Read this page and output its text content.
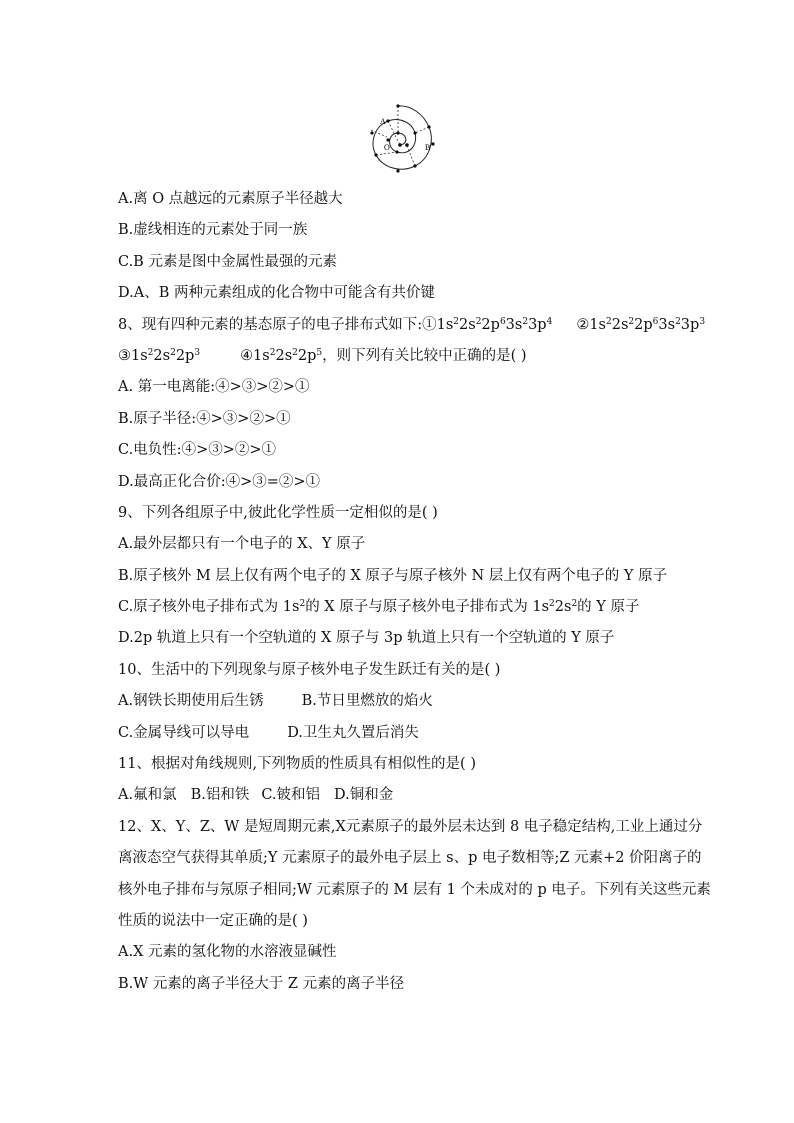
A
O	B
A.离 O 点越远的元素原子半径越大
B.虚线相连的元素处于同一族
C.B 元素是图中金属性最强的元素
D.A、B 两种元素组成的化合物中可能含有共价键
8、现有四种元素的基态原子的电子排布式如下$:①1s^22s^22p^63s^23p^4$ $②1s^22s^22p^63s^23p^3$
$③1s^22s^22p^3$	$④1s^22s^22p^5$，则下列有关比较中正确的是( )
A. 第一电离能:④>③>②>①
B.原子半径:④>③>②>①
C.电负性:④>③>②>①
D.最高正化合价:④>③=②>①
9、下列各组原子中,彼此化学性质一定相似的是( )
A.最外层都只有一个电子的 X、Y 原子
B.原子核外 M 层上仅有两个电子的 X 原子与原子核外 N 层上仅有两个电子的 Y 原子
C.原子核外电子排布式为 $1s^2$的 X 原子与原子核外电子排布式为 $1s^22s^2$的 Y 原子
D.2p 轨道上只有一个空轨道的 X 原子与 3p 轨道上只有一个空轨道的 Y 原子
10、生活中的下列现象与原子核外电子发生跃迁有关的是( )
A.钢铁长期使用后生锈	B.节日里燃放的焰火
C.金属导线可以导电	D.卫生丸久置后消失
11、根据对角线规则,下列物质的性质具有相似性的是( )
A.氟和氯 B.铝和铁 C.铍和铝 D.铜和金
12、X、Y、Z、W 是短周期元素,X元素原子的最外层未达到 8 电子稳定结构,工业上通过分
离液态空气获得其单质;Y 元素原子的最外电子层上 s、p 电子数相等;Z 元素+2 价阳离子的
核外电子排布与氖原子相同;W 元素原子的 M 层有 1 个未成对的 p 电子。下列有关这些元素
性质的说法中一定正确的是( )
A.X 元素的氢化物的水溶液显碱性
B.W 元素的离子半径大于 Z 元素的离子半径
